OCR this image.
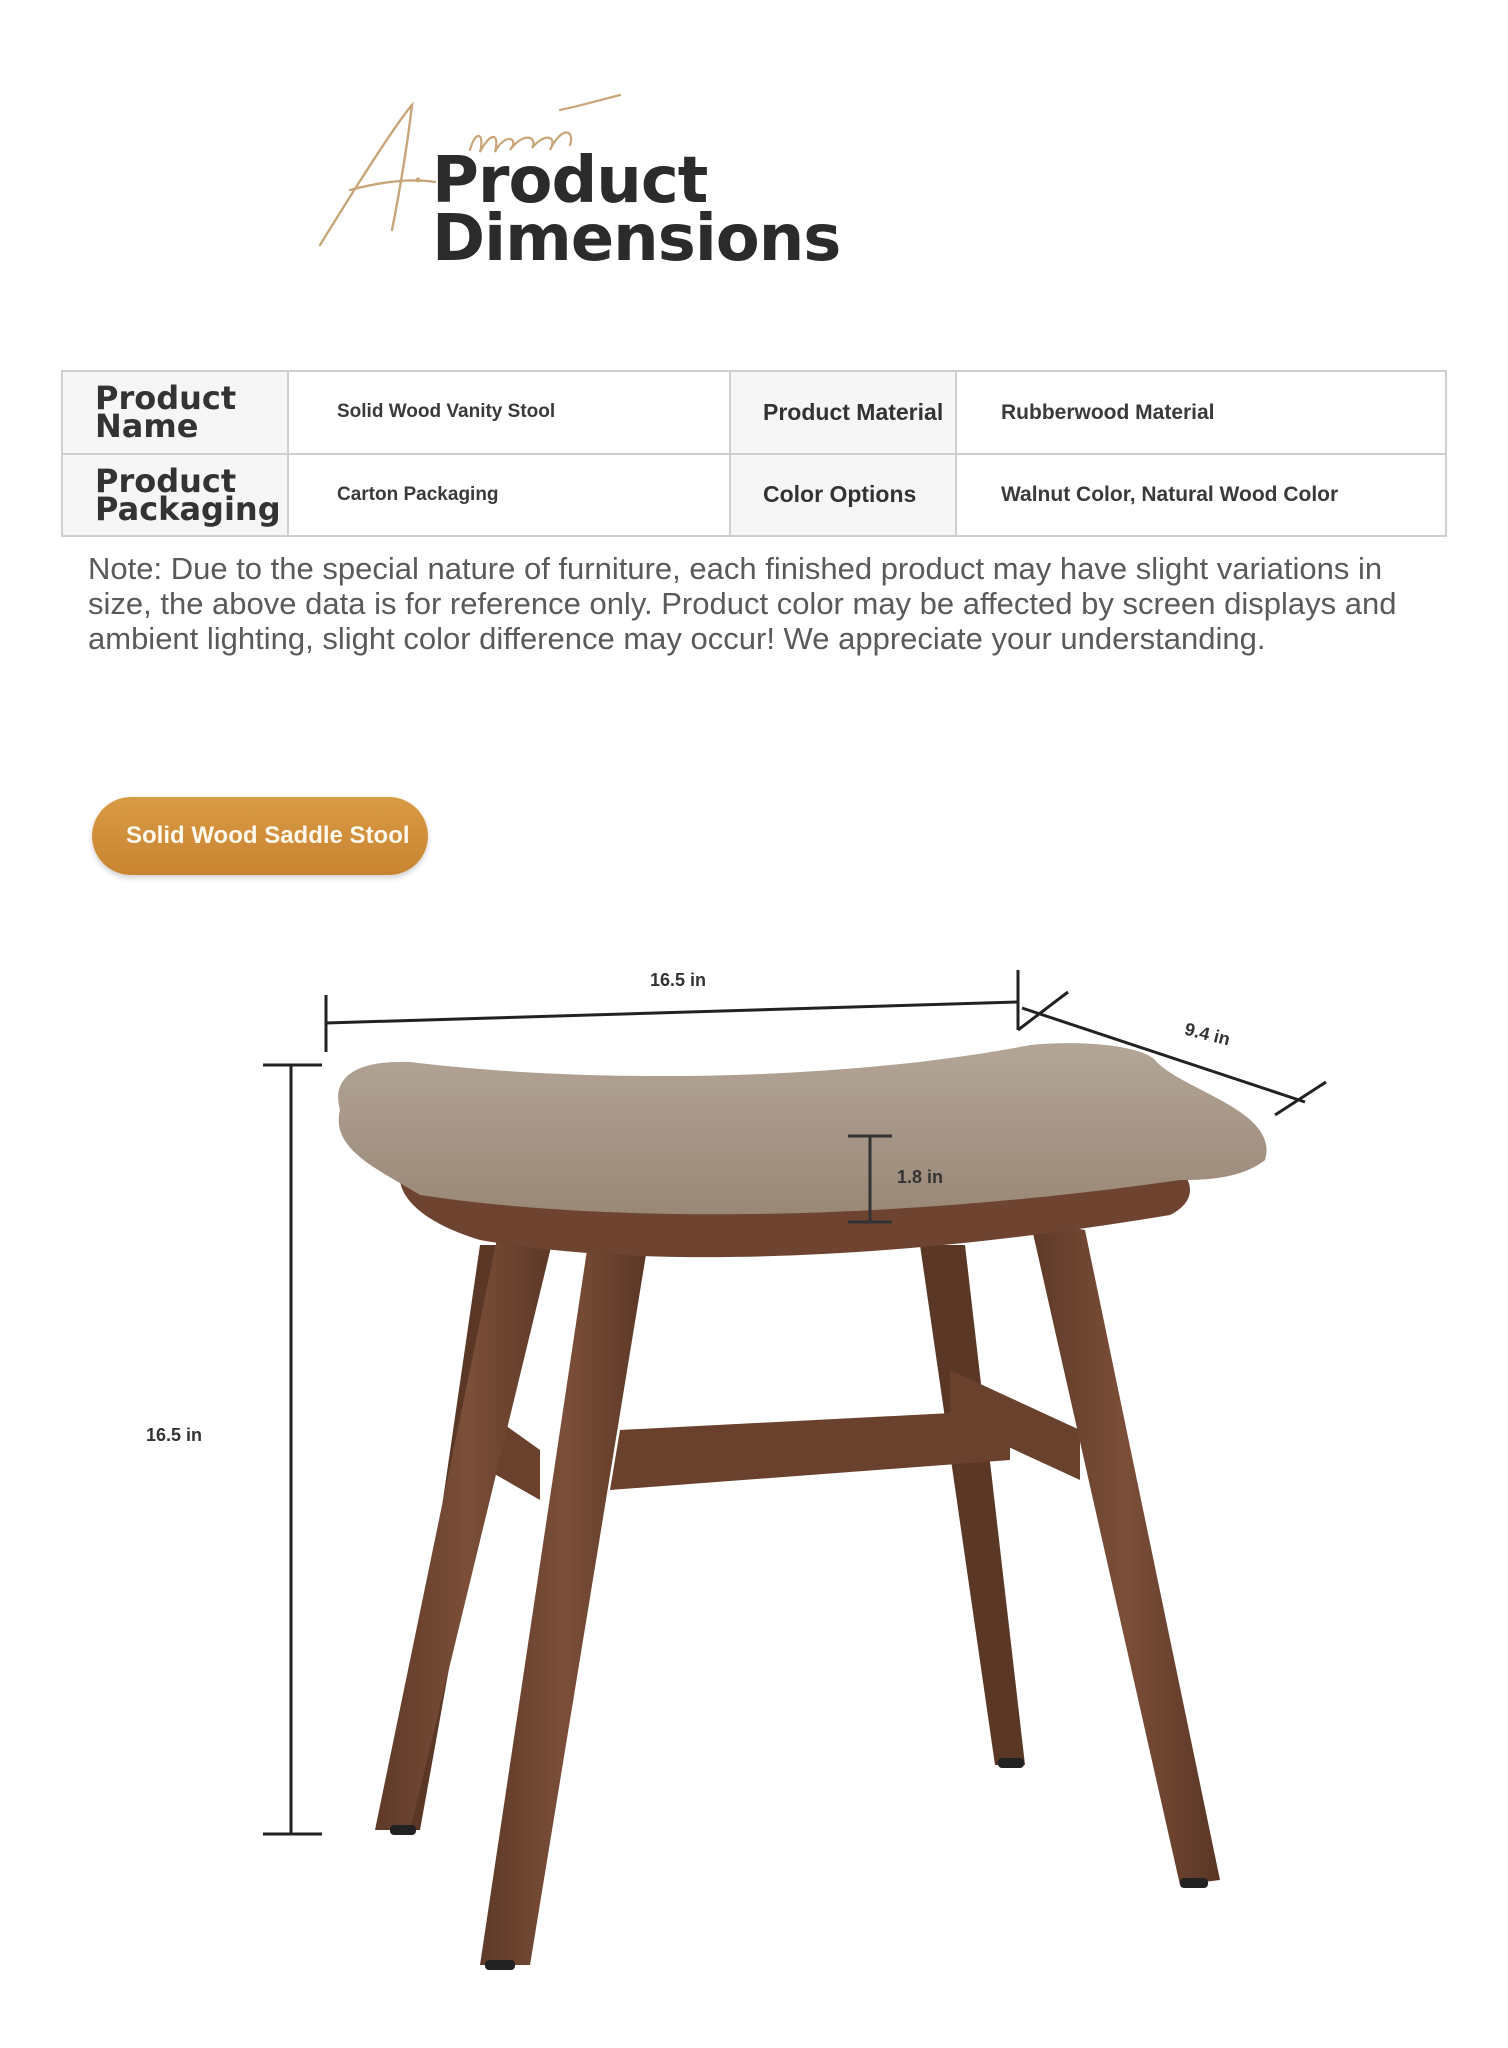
Product
Dimensions
Product Name	Solid Wood Vanity Stool	Product Material	Rubberwood Material
Product Packaging	Carton Packaging	Color Options	Walnut Color, Natural Wood Color

Note: Due to the special nature of furniture, each finished product may have slight variations in size, the above data is for reference only. Product color may be affected by screen displays and ambient lighting, slight color difference may occur! We appreciate your understanding.

Solid Wood Saddle Stool
16.5 in
9.4 in
1.8 in
16.5 in
